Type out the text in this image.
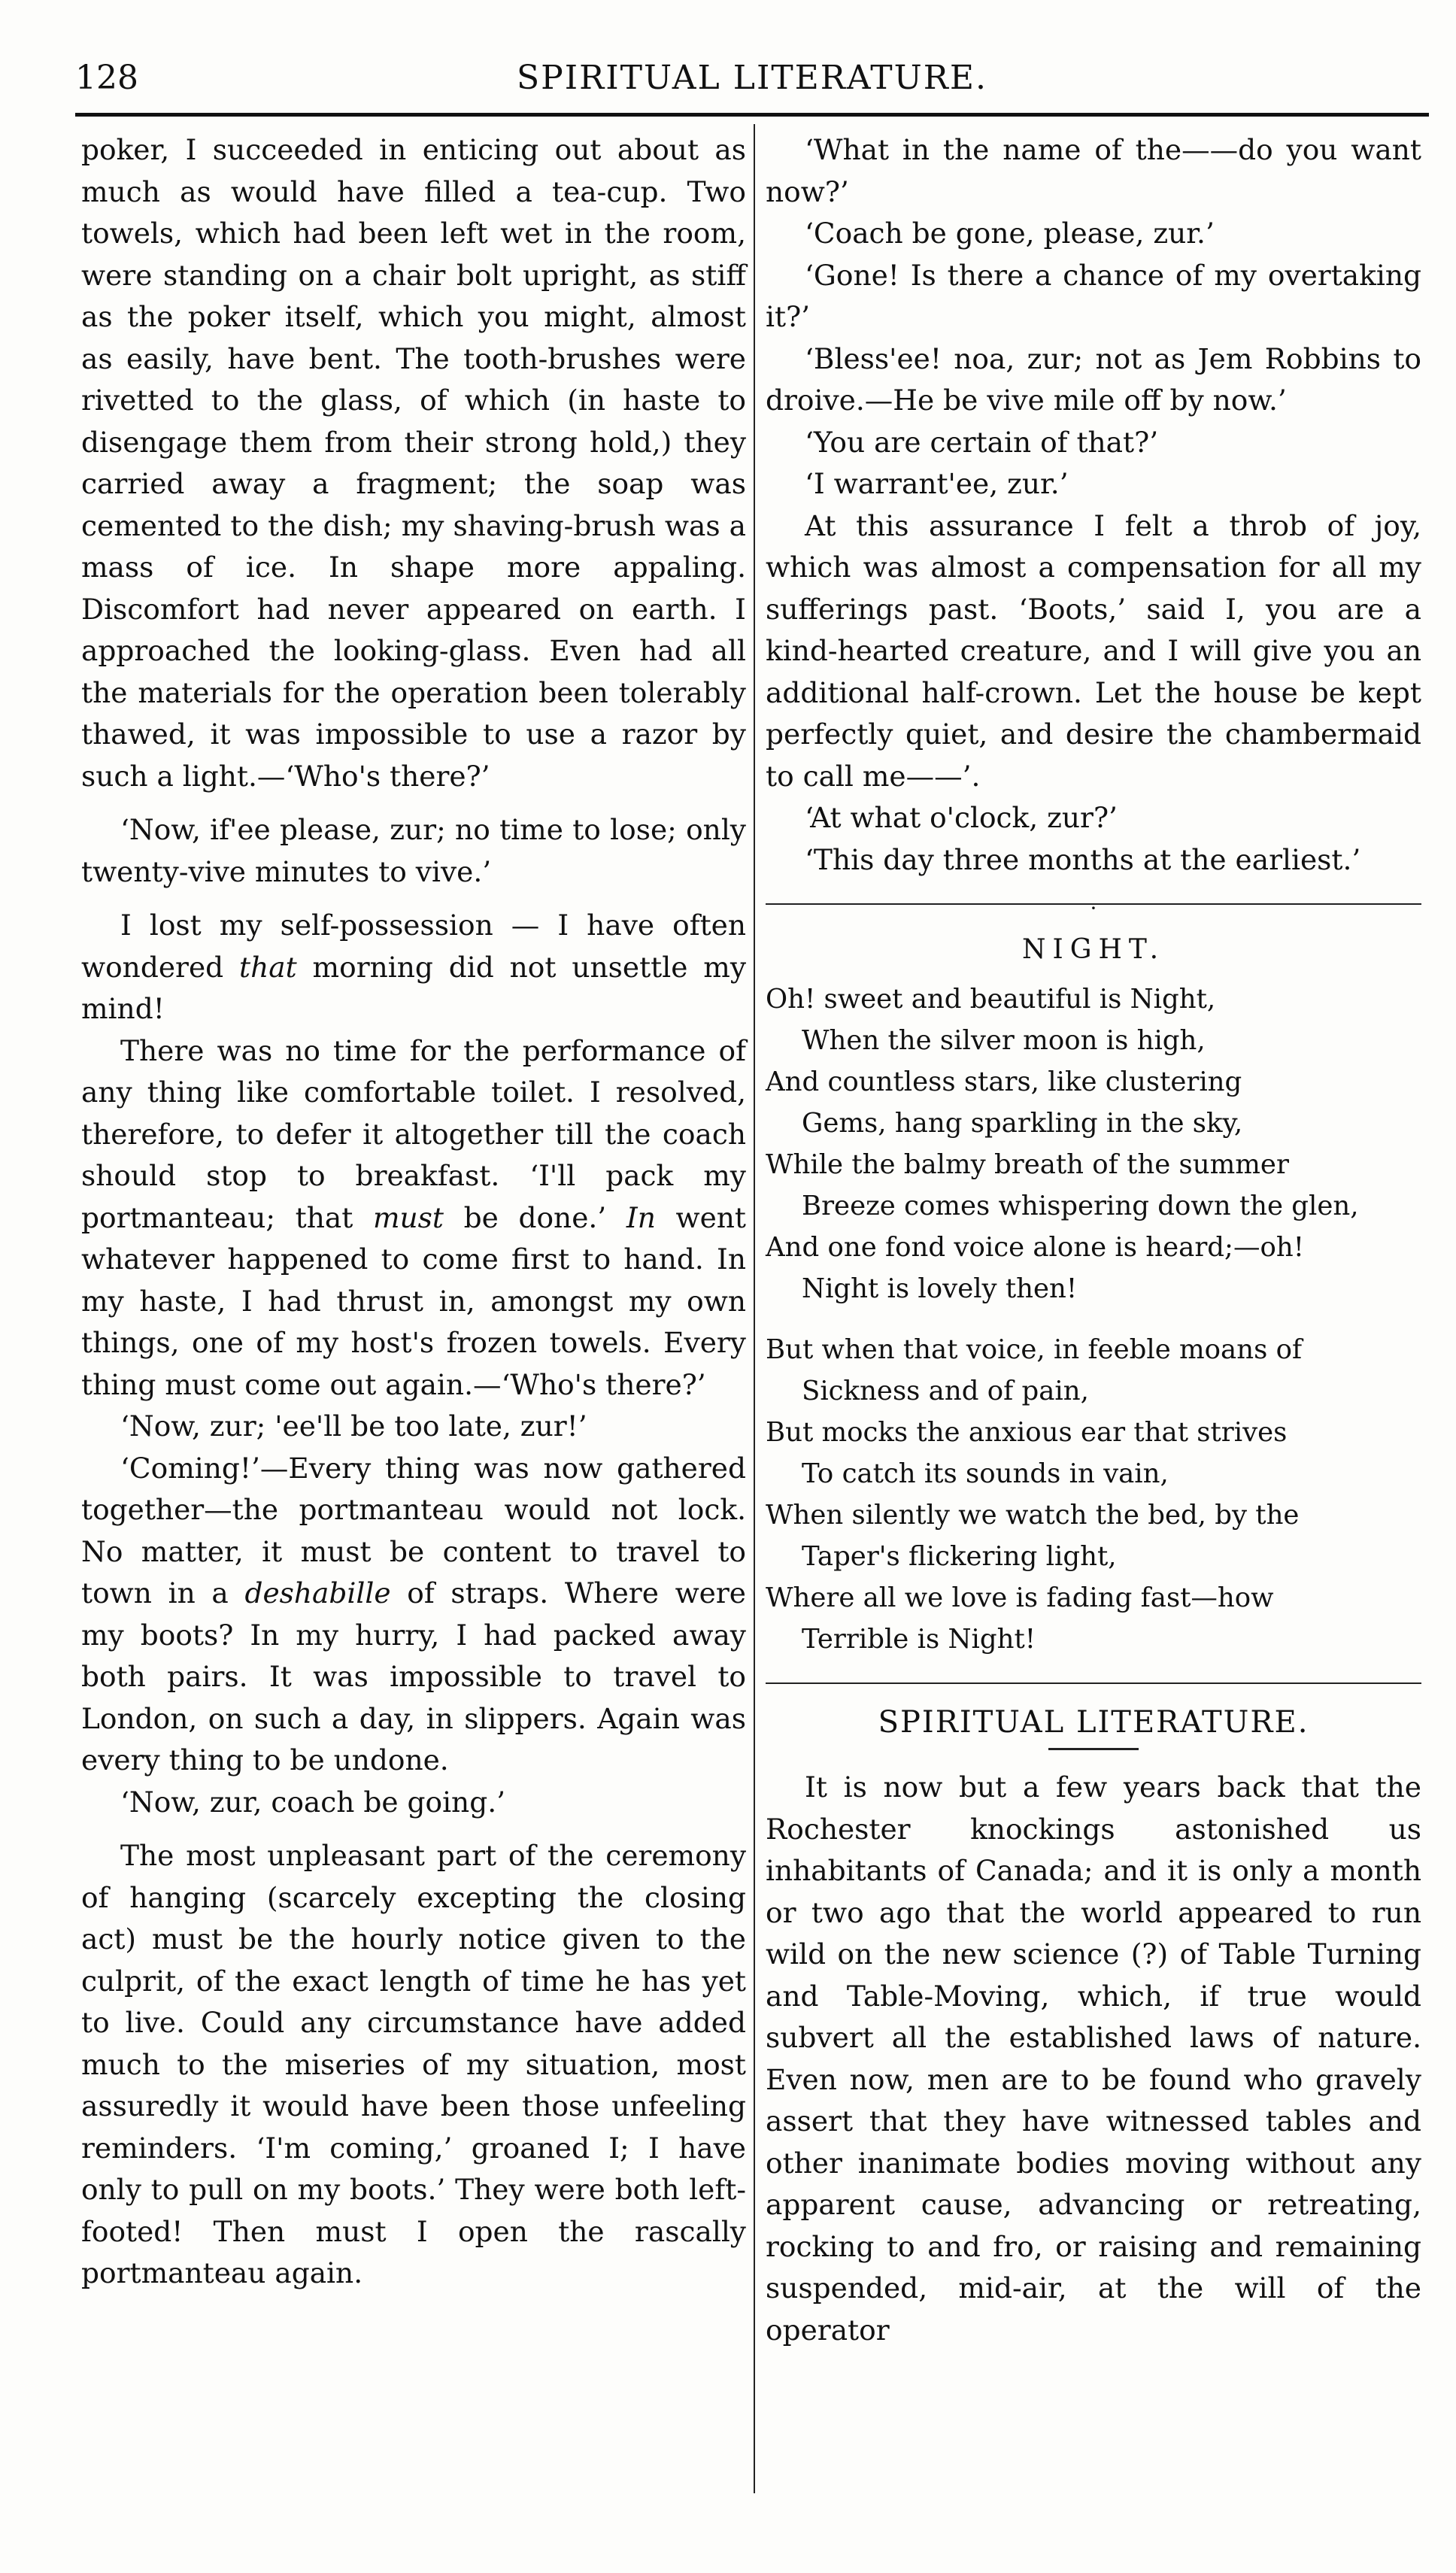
128	SPIRITUAL LITERATURE.

poker, I succeeded in enticing out about as much as would have filled a tea-cup. Two towels, which had been left wet in the room, were standing on a chair bolt upright, as stiff as the poker itself, which you might, almost as easily, have bent. The tooth-brushes were rivetted to the glass, of which (in haste to disengage them from their strong hold,) they carried away a fragment; the soap was cemented to the dish; my shaving-brush was a mass of ice. In shape more appaling. Discomfort had never appeared on earth. I approached the looking-glass. Even had all the materials for the operation been tolerably thawed, it was impossible to use a razor by such a light.—‘Who's there?’

‘Now, if'ee please, zur; no time to lose; only twenty-vive minutes to vive.’

I lost my self-possession — I have often wondered that morning did not unsettle my mind!

There was no time for the performance of any thing like comfortable toilet. I resolved, therefore, to defer it altogether till the coach should stop to breakfast. ‘I'll pack my portmanteau; that must be done.’ In went whatever happened to come first to hand. In my haste, I had thrust in, amongst my own things, one of my host's frozen towels. Every thing must come out again.—‘Who's there?’

‘Now, zur; 'ee'll be too late, zur!’

‘Coming!’—Every thing was now gathered together—the portmanteau would not lock. No matter, it must be content to travel to town in a deshabille of straps. Where were my boots? In my hurry, I had packed away both pairs. It was impossible to travel to London, on such a day, in slippers. Again was every thing to be undone.

‘Now, zur, coach be going.’

The most unpleasant part of the ceremony of hanging (scarcely excepting the closing act) must be the hourly notice given to the culprit, of the exact length of time he has yet to live. Could any circumstance have added much to the miseries of my situation, most assuredly it would have been those unfeeling reminders. ‘I'm coming,’ groaned I; I have only to pull on my boots.’ They were both left-footed! Then must I open the rascally portmanteau again.

‘What in the name of the——do you want now?’

‘Coach be gone, please, zur.’

‘Gone! Is there a chance of my overtaking it?’

‘Bless'ee! noa, zur; not as Jem Robbins to droive.—He be vive mile off by now.’

‘You are certain of that?’

‘I warrant'ee, zur.’

At this assurance I felt a throb of joy, which was almost a compensation for all my sufferings past. ‘Boots,’ said I, you are a kind-hearted creature, and I will give you an additional half-crown. Let the house be kept perfectly quiet, and desire the chambermaid to call me——’.

‘At what o'clock, zur?’

‘This day three months at the earliest.’

·
NIGHT.
Oh! sweet and beautiful is Night,
When the silver moon is high,
And countless stars, like clustering
Gems, hang sparkling in the sky,
While the balmy breath of the summer
Breeze comes whispering down the glen,
And one fond voice alone is heard;—oh!
Night is lovely then!
But when that voice, in feeble moans of
Sickness and of pain,
But mocks the anxious ear that strives
To catch its sounds in vain,
When silently we watch the bed, by the
Taper's flickering light,
Where all we love is fading fast—how
Terrible is Night!
SPIRITUAL LITERATURE.

It is now but a few years back that the Rochester knockings astonished us inhabitants of Canada; and it is only a month or two ago that the world appeared to run wild on the new science (?) of Table Turning and Table-Moving, which, if true would subvert all the established laws of nature. Even now, men are to be found who gravely assert that they have witnessed tables and other inanimate bodies moving without any apparent cause, advancing or retreating, rocking to and fro, or raising and remaining suspended, mid-air, at the will of the operator
